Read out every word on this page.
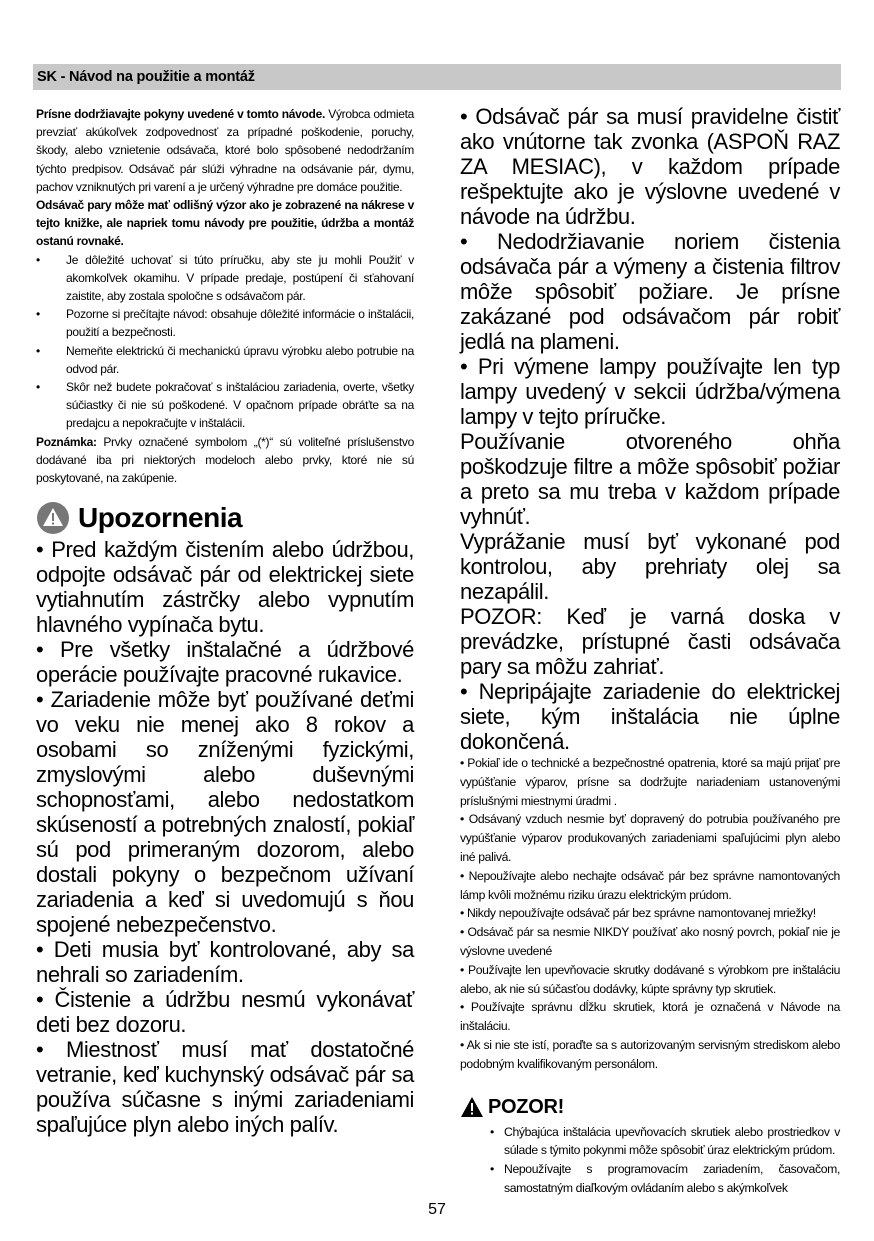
SK - Návod na použitie a montáž

Prísne dodržiavajte pokyny uvedené v tomto návode. Výrobca odmieta prevziať akúkoľvek zodpovednosť za prípadné poškodenie, poruchy, škody, alebo vznietenie odsávača, ktoré bolo spôsobené nedodržaním týchto predpisov. Odsávač pár slúži výhradne na odsávanie pár, dymu, pachov vzniknutých pri varení a je určený výhradne pre domáce použitie.

Odsávač pary môže mať odlišný výzor ako je zobrazené na nákrese v tejto knižke, ale napriek tomu návody pre použitie, údržba a montáž ostanú rovnaké.

• Je dôležité uchovať si túto príručku, aby ste ju mohli Použiť v akomkoľvek okamihu. V prípade predaje, postúpení či sťahovaní zaistite, aby zostala spoločne s odsávačom pár.
• Pozorne si prečítajte návod: obsahuje dôležité informácie o inštalácii, použití a bezpečnosti.
• Nemeňte elektrickú či mechanickú úpravu výrobku alebo potrubie na odvod pár.
• Skôr než budete pokračovať s inštaláciou zariadenia, overte, všetky súčiastky či nie sú poškodené. V opačnom prípade obráťte sa na predajcu a nepokračujte v inštalácii.

Poznámka: Prvky označené symbolom „(*)“ sú voliteľné príslušenstvo dodávané iba pri niektorých modeloch alebo prvky, ktoré nie sú poskytované, na zakúpenie.

Upozornenia

• Pred každým čistením alebo údržbou, odpojte odsávač pár od elektrickej siete vytiahnutím zástrčky alebo vypnutím hlavného vypínača bytu.

• Pre všetky inštalačné a údržbové operácie používajte pracovné rukavice.

• Zariadenie môže byť používané deťmi vo veku nie menej ako 8 rokov a osobami so zníženými fyzickými, zmyslovými alebo duševnými schopnosťami, alebo nedostatkom skúseností a potrebných znalostí, pokiaľ sú pod primeraným dozorom, alebo dostali pokyny o bezpečnom užívaní zariadenia a keď si uvedomujú s ňou spojené nebezpečenstvo.

• Deti musia byť kontrolované, aby sa nehrali so zariadením.

• Čistenie a údržbu nesmú vykonávať deti bez dozoru.

• Miestnosť musí mať dostatočné vetranie, keď kuchynský odsávač pár sa používa súčasne s inými zariadeniami spaľujúce plyn alebo iných palív.

• Odsávač pár sa musí pravidelne čistiť ako vnútorne tak zvonka (ASPOŇ RAZ ZA MESIAC), v každom prípade rešpektujte ako je výslovne uvedené v návode na údržbu.

• Nedodržiavanie noriem čistenia odsávača pár a výmeny a čistenia filtrov môže spôsobiť požiare. Je prísne zakázané pod odsávačom pár robiť jedlá na plameni.

• Pri výmene lampy používajte len typ lampy uvedený v sekcii údržba/výmena lampy v tejto príručke.

Používanie otvoreného ohňa poškodzuje filtre a môže spôsobiť požiar a preto sa mu treba v každom prípade vyhnúť.

Vyprážanie musí byť vykonané pod kontrolou, aby prehriaty olej sa nezapálil.

POZOR: Keď je varná doska v prevádzke, prístupné časti odsávača pary sa môžu zahriať.

• Nepripájajte zariadenie do elektrickej siete, kým inštalácia nie úplne dokončená.

• Pokiaľ ide o technické a bezpečnostné opatrenia, ktoré sa majú prijať pre vypúšťanie výparov, prísne sa dodržujte nariadeniam ustanovenými príslušnými miestnymi úradmi .

• Odsávaný vzduch nesmie byť dopravený do potrubia používaného pre vypúšťanie výparov produkovaných zariadeniami spaľujúcimi plyn alebo iné palivá.

• Nepoužívajte alebo nechajte odsávač pár bez správne namontovaných lámp kvôli možnému riziku úrazu elektrickým prúdom.

• Nikdy nepoužívajte odsávač pár bez správne namontovanej mriežky!

• Odsávač pár sa nesmie NIKDY používať ako nosný povrch, pokiaľ nie je výslovne uvedené

• Používajte len upevňovacie skrutky dodávané s výrobkom pre inštaláciu alebo, ak nie sú súčasťou dodávky, kúpte správny typ skrutiek.

• Používajte správnu dĺžku skrutiek, ktorá je označená v Návode na inštaláciu.

• Ak si nie ste istí, poraďte sa s autorizovaným servisným strediskom alebo podobným kvalifikovaným personálom.

POZOR!
• Chýbajúca inštalácia upevňovacích skrutiek alebo prostriedkov v súlade s týmito pokynmi môže spôsobiť úraz elektrickým prúdom.
• Nepoužívajte s programovacím zariadením, časovačom, samostatným diaľkovým ovládaním alebo s akýmkoľvek
57
